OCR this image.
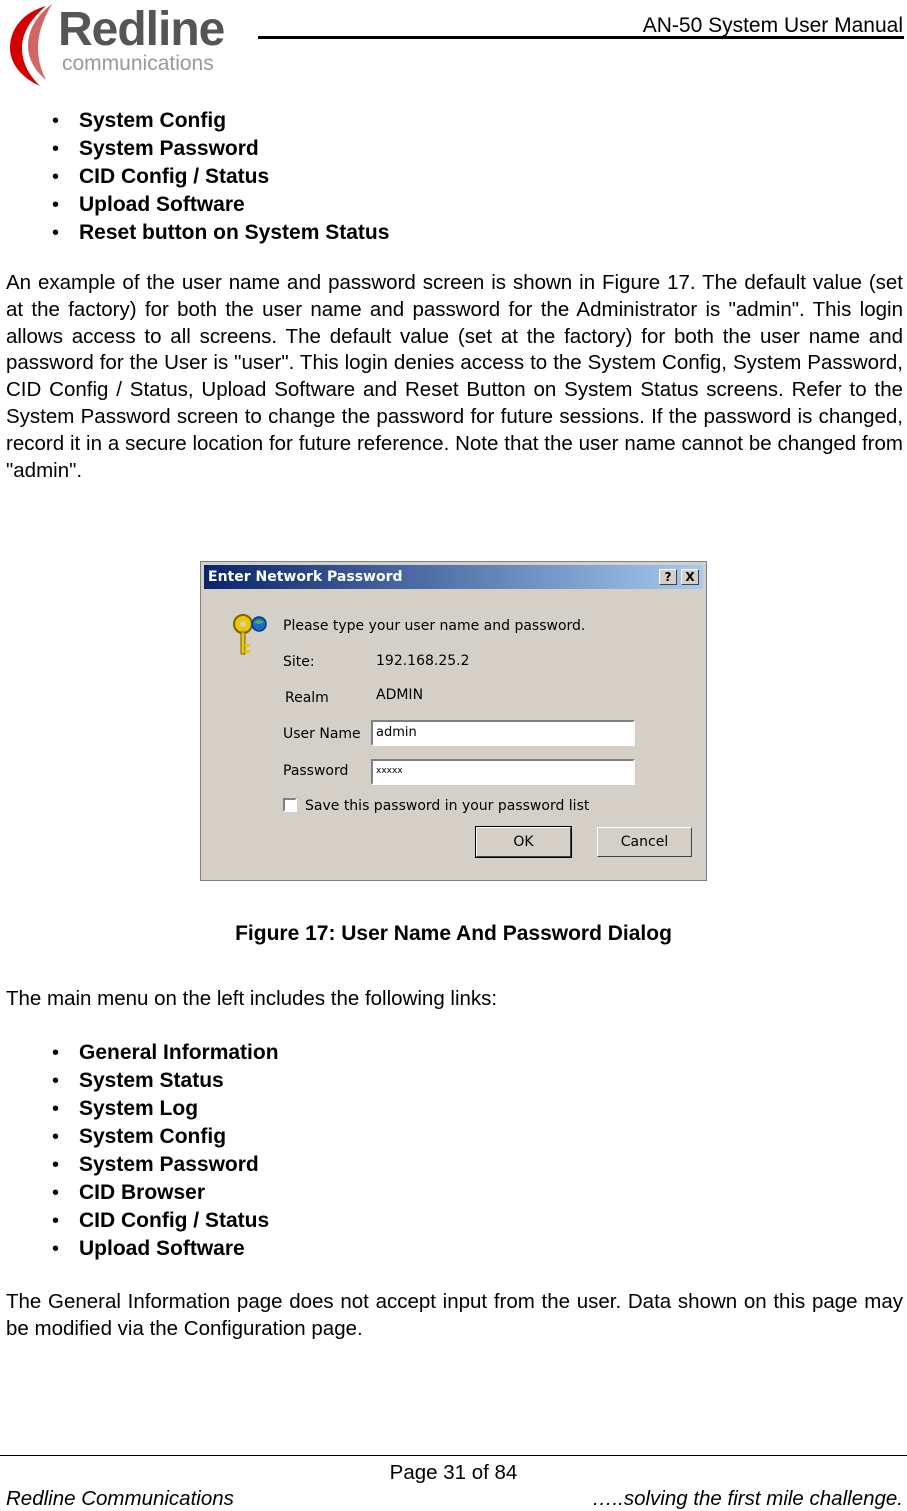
Redline
communications
AN-50 System User Manual
• System Config
• System Password
• CID Config / Status
• Upload Software
• Reset button on System Status

An example of the user name and password screen is shown in Figure 17. The default value (set at the factory) for both the user name and password for the Administrator is "admin". This login allows access to all screens. The default value (set at the factory) for both the user name and password for the User is "user". This login denies access to the System Config, System Password, CID Config / Status, Upload Software and Reset Button on System Status screens. Refer to the System Password screen to change the password for future sessions. If the password is changed, record it in a secure location for future reference. Note that the user name cannot be changed from "admin".

Enter Network Password	?	X
Please type your user name and password.
Site:	192.168.25.2
Realm	ADMIN
User Name	admin
Password	xxxxx
Save this password in your password list
OK	Cancel
Figure 17: User Name And Password Dialog

The main menu on the left includes the following links:

• General Information
• System Status
• System Log
• System Config
• System Password
• CID Browser
• CID Config / Status
• Upload Software

The General Information page does not accept input from the user. Data shown on this page may be modified via the Configuration page.

Page 31 of 84
Redline Communications	…..solving the first mile challenge.
